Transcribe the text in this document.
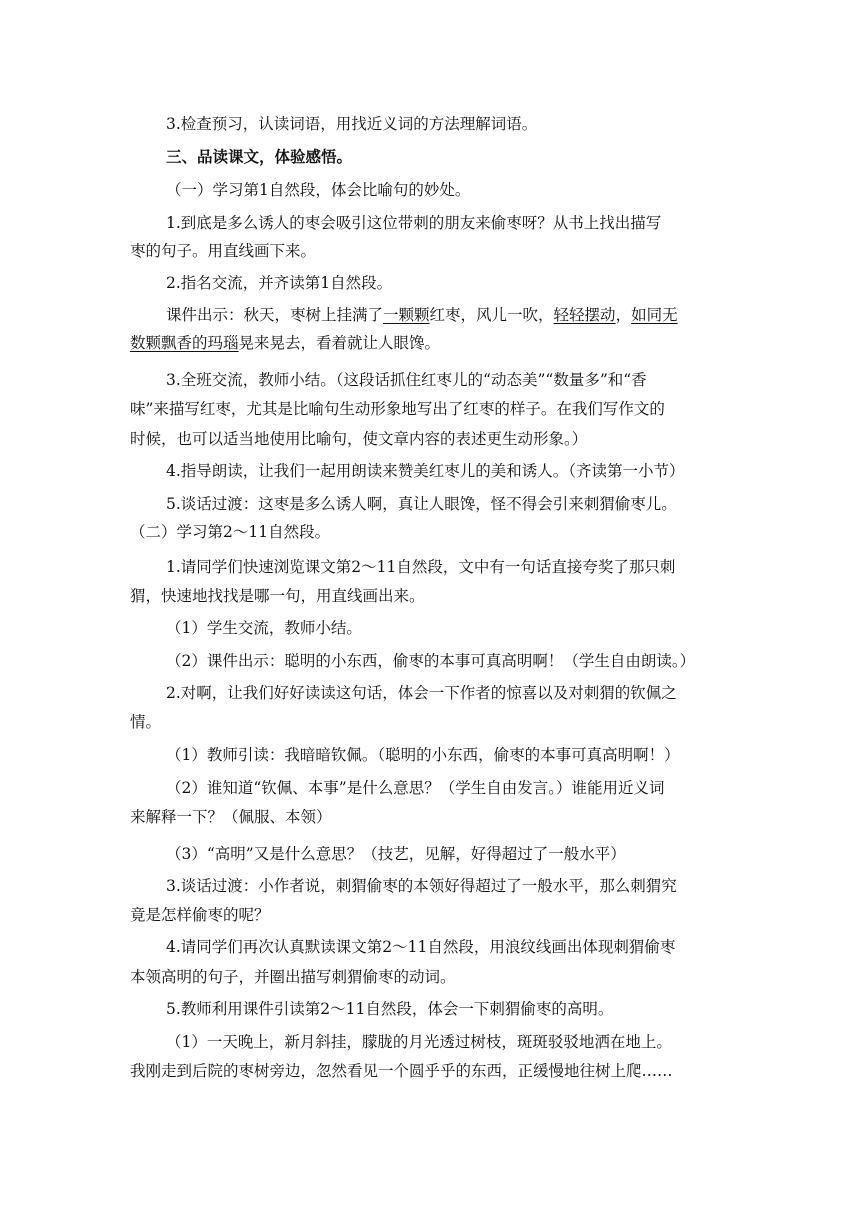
3.检查预习，认读词语，用找近义词的方法理解词语。
三、品读课文，体验感悟。
（一）学习第1自然段，体会比喻句的妙处。
1.到底是多么诱人的枣会吸引这位带刺的朋友来偷枣呀？从书上找出描写
枣的句子。用直线画下来。
2.指名交流，并齐读第1自然段。
课件出示：秋天，枣树上挂满了一颗颗红枣，风儿一吹，轻轻摆动，如同无
数颗飘香的玛瑙晃来晃去，看着就让人眼馋。
3.全班交流，教师小结。（这段话抓住红枣儿的“动态美”“数量多”和“香
味”来描写红枣，尤其是比喻句生动形象地写出了红枣的样子。在我们写作文的
时候，也可以适当地使用比喻句，使文章内容的表述更生动形象。）
4.指导朗读，让我们一起用朗读来赞美红枣儿的美和诱人。（齐读第一小节）
5.谈话过渡：这枣是多么诱人啊，真让人眼馋，怪不得会引来刺猬偷枣儿。
（二）学习第2～11自然段。
1.请同学们快速浏览课文第2～11自然段，文中有一句话直接夸奖了那只刺
猬，快速地找找是哪一句，用直线画出来。
（1）学生交流，教师小结。
（2）课件出示：聪明的小东西，偷枣的本事可真高明啊！（学生自由朗读。）
2.对啊，让我们好好读读这句话，体会一下作者的惊喜以及对刺猬的钦佩之
情。
（1）教师引读：我暗暗钦佩。（聪明的小东西，偷枣的本事可真高明啊！）
（2）谁知道“钦佩、本事”是什么意思？（学生自由发言。）谁能用近义词
来解释一下？（佩服、本领）
（3）“高明”又是什么意思？（技艺，见解，好得超过了一般水平）
3.谈话过渡：小作者说，刺猬偷枣的本领好得超过了一般水平，那么刺猬究
竟是怎样偷枣的呢？
4.请同学们再次认真默读课文第2～11自然段，用浪纹线画出体现刺猬偷枣
本领高明的句子，并圈出描写刺猬偷枣的动词。
5.教师利用课件引读第2～11自然段，体会一下刺猬偷枣的高明。
（1）一天晚上，新月斜挂，朦胧的月光透过树枝，斑斑驳驳地洒在地上。
我刚走到后院的枣树旁边，忽然看见一个圆乎乎的东西，正缓慢地往树上爬……
